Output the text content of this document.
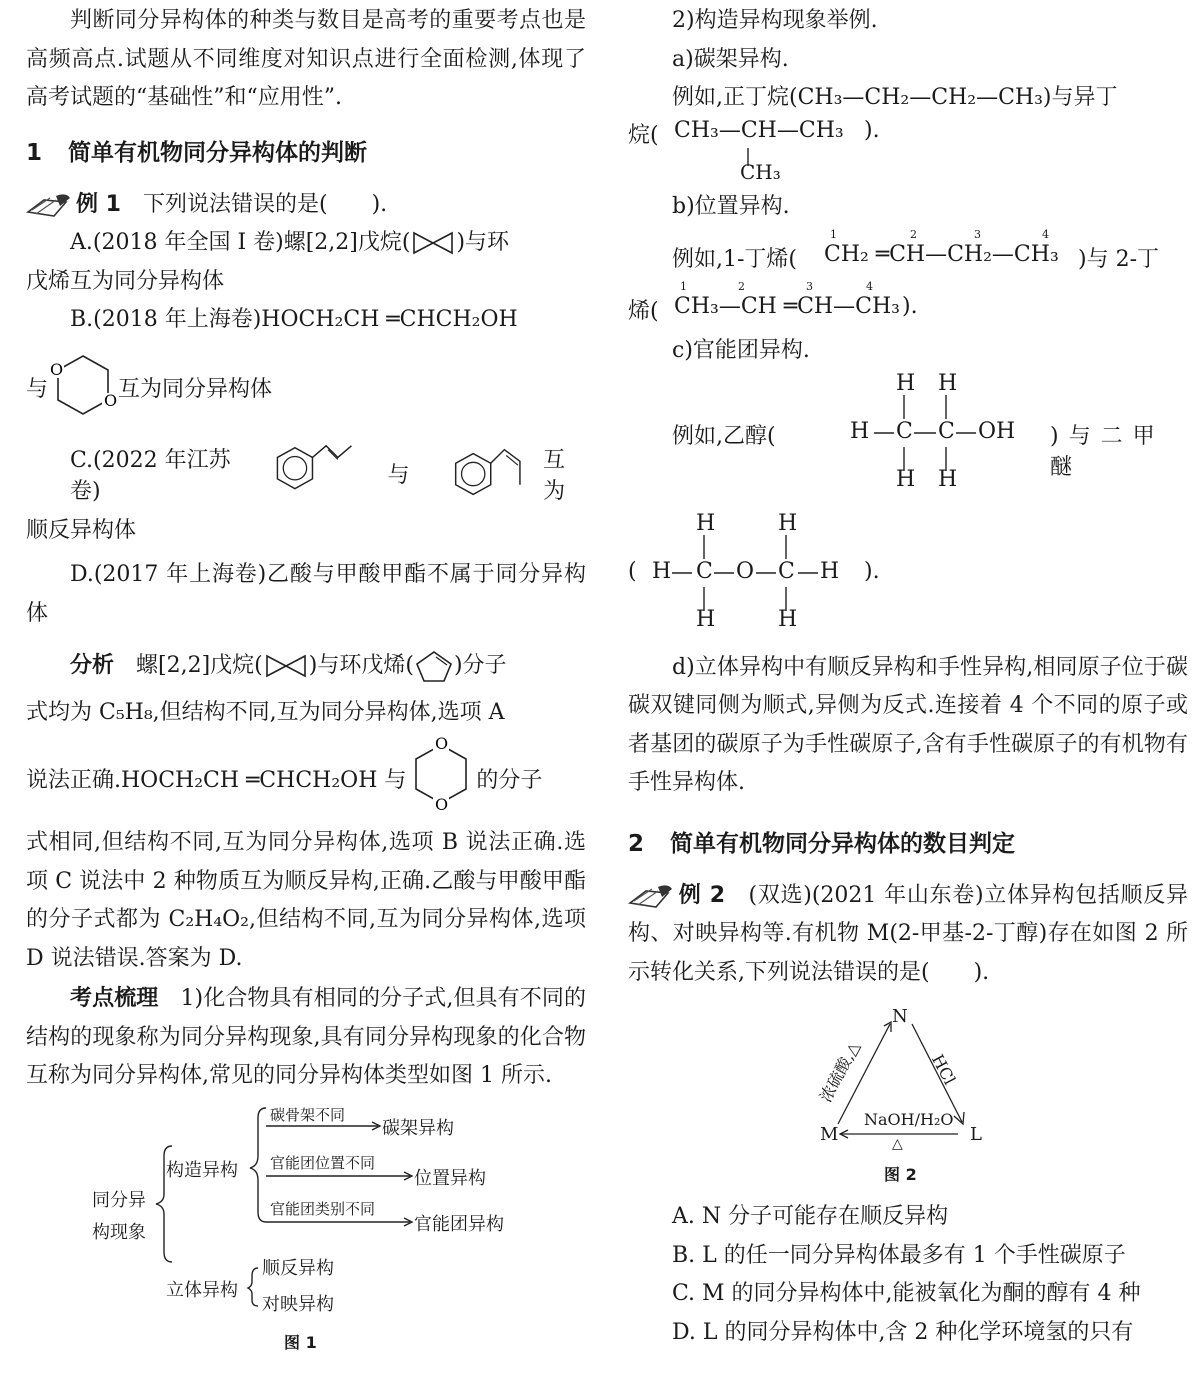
判断同分异构体的种类与数目是高考的重要考点也是高频高点.试题从不同维度对知识点进行全面检测,体现了高考试题的“基础性”和“应用性”.

1 简单有机物同分异构体的判断
例 1　 下列说法错误的是(　　).

A.(2018 年全国 Ⅰ 卷)螺[2,2]戊烷( )与环

戊烯互为同分异构体

B.(2018 年上海卷)HOCH₂CH ═CHCH₂OH

与
O
O 互为同分异构体
C.(2022 年江苏卷)
与
互为

顺反异构体

D.(2017 年上海卷)乙酸与甲酸甲酯不属于同分异构体

分析　 螺[2,2]戊烷( )与环戊烯( )分子

式均为 C₅H₈,但结构不同,互为同分异构体,选项 A

说法正确.HOCH₂CH ═CHCH₂OH 与
O
O
的分子

式相同,但结构不同,互为同分异构体,选项 B 说法正确.选项 C 说法中 2 种物质互为顺反异构,正确.乙酸与甲酸甲酯的分子式都为 C₂H₄O₂,但结构不同,互为同分异构体,选项 D 说法错误.答案为 D.

考点梳理　 1)化合物具有相同的分子式,但具有不同的结构的现象称为同分异构现象,具有同分异构现象的化合物互称为同分异构体,常见的同分异构体类型如图 1 所示.

同分异
构现象
构造异构
立体异构
碳骨架不同
碳架异构
官能团位置不同
位置异构
官能团类别不同
官能团异构
顺反异构
对映异构
图 1

2)构造异构现象举例.

a)碳架异构.

例如,正丁烷(CH₃—CH₂—CH₂—CH₃)与异丁

烷( CH₃—CH—CH₃ ).
CH₃

b)位置异构.

例如,1-丁烯( CH₂ ═CH—CH₂—CH₃ )与 2-丁
1	2	3	4
烯( CH₃—CH ═CH—CH₃ ).
1	2	3	4

c)官能团异构.

例如,乙醇(	H C C OH
H H
H H
)与二甲醚
( H C O C H
H	H
H	H
).

d)立体异构中有顺反异构和手性异构,相同原子位于碳碳双键同侧为顺式,异侧为反式.连接着 4 个不同的原子或者基团的碳原子为手性碳原子,含有手性碳原子的有机物有手性异构体.

2 简单有机物同分异构体的数目判定

例 2　 (双选)(2021 年山东卷)立体异构包括顺反异构、对映异构等.有机物 M(2-甲基-2-丁醇)存在如图 2 所示转化关系,下列说法错误的是(　　).

N
M	L
浓硫酸,△	HCl
NaOH/H₂O
△
图 2

A. N 分子可能存在顺反异构

B. L 的任一同分异构体最多有 1 个手性碳原子

C. M 的同分异构体中,能被氧化为酮的醇有 4 种

D. L 的同分异构体中,含 2 种化学环境氢的只有
